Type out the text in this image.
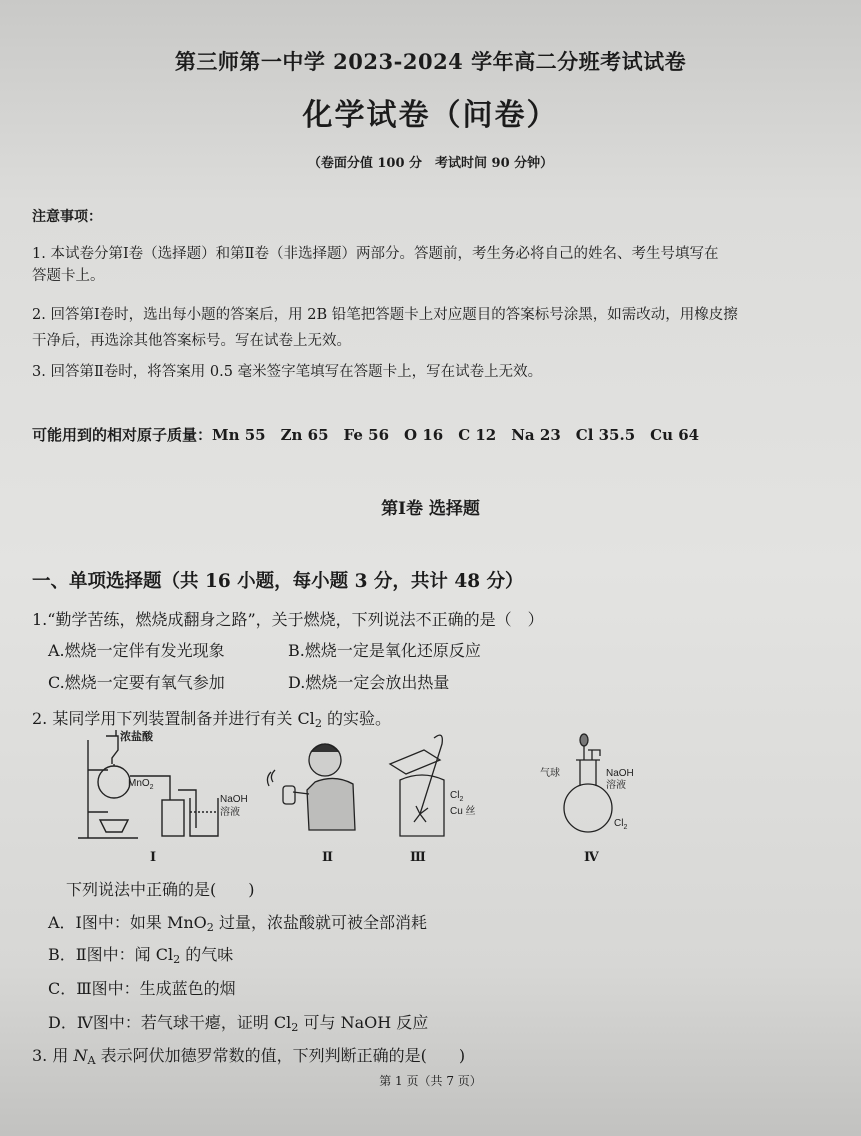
第三师第一中学 2023-2024 学年高二分班考试试卷
化学试卷（问卷）
（卷面分值 100 分　考试时间 90 分钟）
注意事项：
1. 本试卷分第Ⅰ卷（选择题）和第Ⅱ卷（非选择题）两部分。答题前，考生务必将自己的姓名、考生号填写在
答题卡上。
2. 回答第Ⅰ卷时，选出每小题的答案后，用 2B 铅笔把答题卡上对应题目的答案标号涂黑，如需改动，用橡皮擦
干净后，再选涂其他答案标号。写在试卷上无效。
3. 回答第Ⅱ卷时，将答案用 0.5 毫米签字笔填写在答题卡上，写在试卷上无效。
可能用到的相对原子质量：Mn 55　Zn 65　Fe 56　O 16　C 12　Na 23　Cl 35.5　Cu 64
第Ⅰ卷 选择题
一、单项选择题（共 16 小题，每小题 3 分，共计 48 分）
1.“勤学苦练，燃烧成翻身之路”，关于燃烧，下列说法不正确的是（　）
A.燃烧一定伴有发光现象	B.燃烧一定是氧化还原反应
C.燃烧一定要有氧气参加	D.燃烧一定会放出热量
2. 某同学用下列装置制备并进行有关 $Cl_2$ 的实验。
浓盐酸
MnO$_2$
NaOH
溶液
Ⅰ	Ⅱ
$Cl_2$
Cu 丝
Ⅲ
气球	NaOH
溶液
$Cl_2$
Ⅳ
下列说法中正确的是(　　)
A．Ⅰ图中：如果 MnO$_2$ 过量，浓盐酸就可被全部消耗
B．Ⅱ图中：闻 $Cl_2$ 的气味
C．Ⅲ图中：生成蓝色的烟
D．Ⅳ图中：若气球干瘪，证明 $Cl_2$ 可与 NaOH 反应
3. 用 $N_A$ 表示阿伏加德罗常数的值，下列判断正确的是(　　)
第 1 页（共 7 页）
